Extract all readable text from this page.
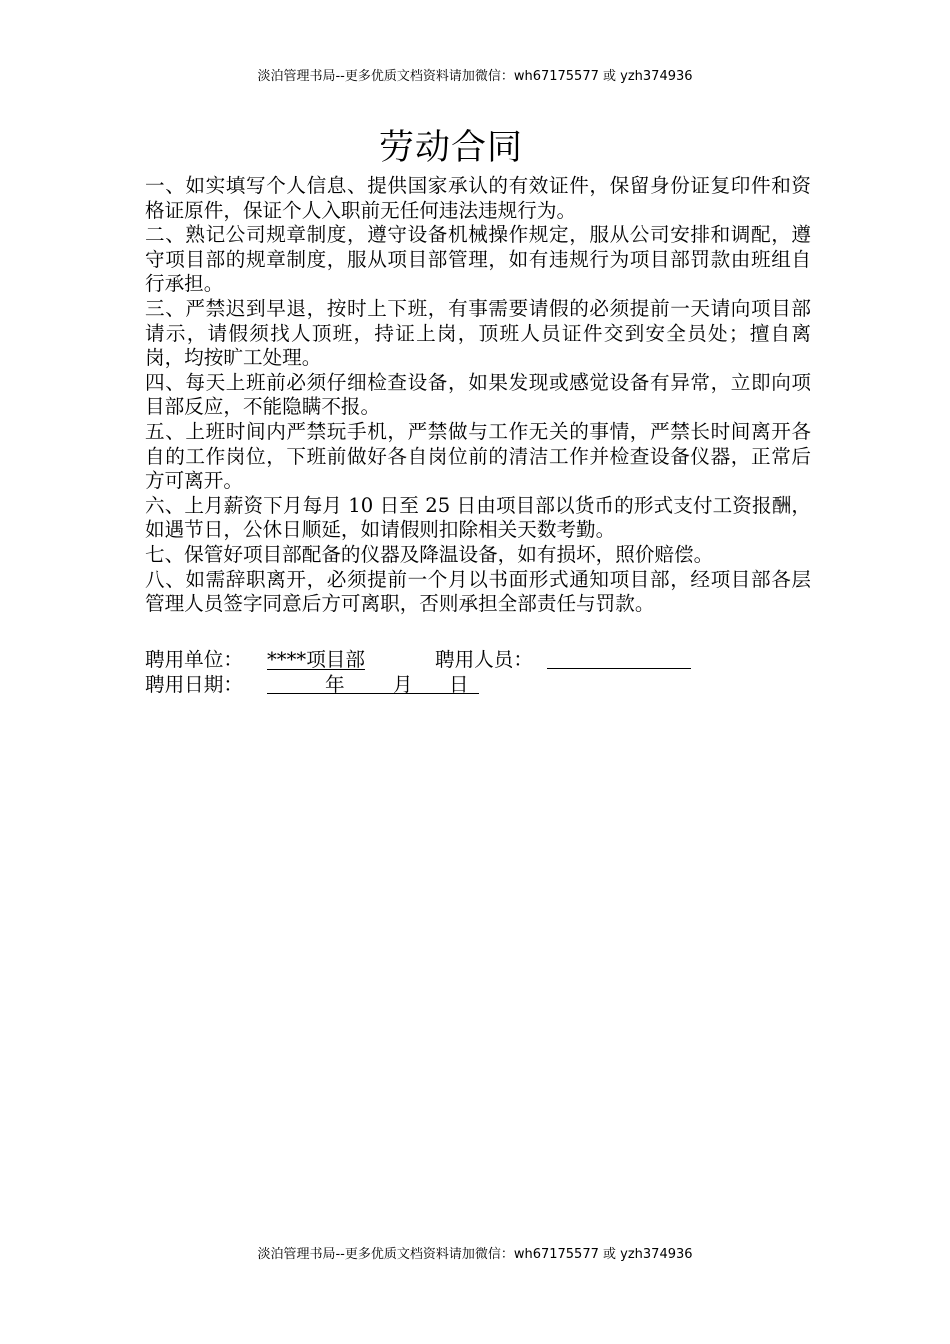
淡泊管理书局--更多优质文档资料请加微信：wh67175577 或 yzh374936
劳动合同

一、如实填写个人信息、提供国家承认的有效证件，保留身份证复印件和资格证原件，保证个人入职前无任何违法违规行为。

二、熟记公司规章制度，遵守设备机械操作规定，服从公司安排和调配，遵守项目部的规章制度，服从项目部管理，如有违规行为项目部罚款由班组自行承担。

三、严禁迟到早退，按时上下班，有事需要请假的必须提前一天请向项目部请示，请假须找人顶班，持证上岗，顶班人员证件交到安全员处；擅自离岗，均按旷工处理。

四、每天上班前必须仔细检查设备，如果发现或感觉设备有异常，立即向项目部反应，不能隐瞒不报。

五、上班时间内严禁玩手机，严禁做与工作无关的事情，严禁长时间离开各自的工作岗位，下班前做好各自岗位前的清洁工作并检查设备仪器，正常后方可离开。

六、上月薪资下月每月 10 日至 25 日由项目部以货币的形式支付工资报酬，如遇节日，公休日顺延，如请假则扣除相关天数考勤。

七、保管好项目部配备的仪器及降温设备，如有损坏，照价赔偿。

八、如需辞职离开，必须提前一个月以书面形式通知项目部，经项目部各层管理人员签字同意后方可离职，否则承担全部责任与罚款。

聘用单位： ****项目部	聘用人员：
聘用日期：	年 月 日
淡泊管理书局--更多优质文档资料请加微信：wh67175577 或 yzh374936
